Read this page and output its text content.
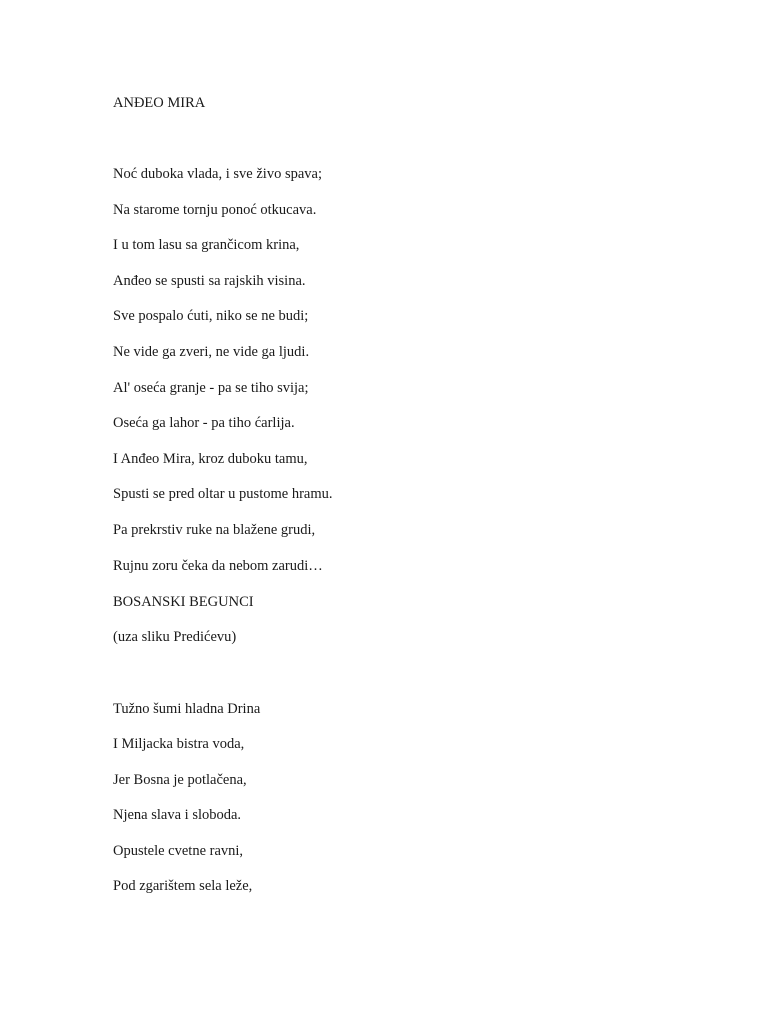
ANĐEO MIRA
Noć duboka vlada, i sve živo spava;
Na starome tornju ponoć otkucava.
I u tom lasu sa grančicom krina,
Anđeo se spusti sa rajskih visina.
Sve pospalo ćuti, niko se ne budi;
Ne vide ga zveri, ne vide ga ljudi.
Al' oseća granje - pa se tiho svija;
Oseća ga lahor - pa tiho ćarlija.
I Anđeo Mira, kroz duboku tamu,
Spusti se pred oltar u pustome hramu.
Pa prekrstiv ruke na blažene grudi,
Rujnu zoru čeka da nebom zarudi…
BOSANSKI BEGUNCI
(uza sliku Predićevu)
Tužno šumi hladna Drina
I Miljacka bistra voda,
Jer Bosna je potlačena,
Njena slava i sloboda.
Opustele cvetne ravni,
Pod zgarištem sela leže,
